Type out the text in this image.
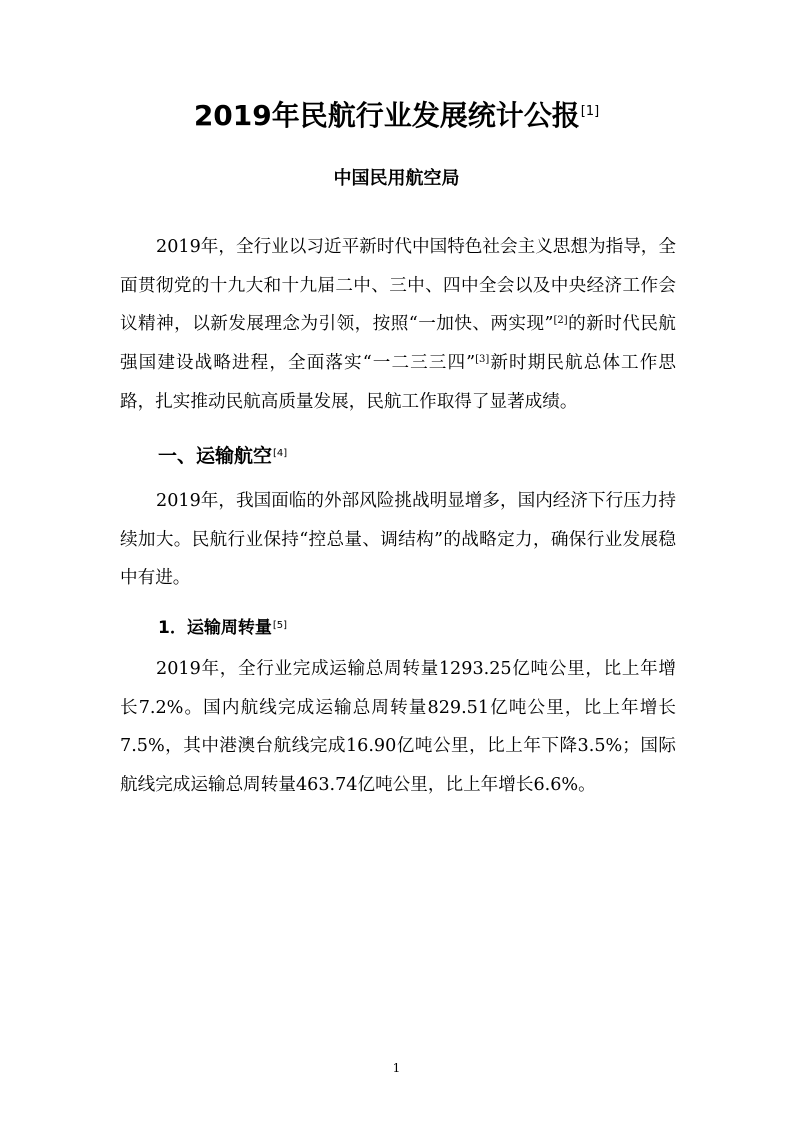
2019年民航行业发展统计公报[1]
中国民用航空局

2019年，全行业以习近平新时代中国特色社会主义思想为指导，全面贯彻党的十九大和十九届二中、三中、四中全会以及中央经济工作会议精神，以新发展理念为引领，按照“一加快、两实现”[2]的新时代民航强国建设战略进程，全面落实“一二三三四”[3]新时期民航总体工作思路，扎实推动民航高质量发展，民航工作取得了显著成绩。

一、运输航空[4]

2019年，我国面临的外部风险挑战明显增多，国内经济下行压力持续加大。民航行业保持“控总量、调结构”的战略定力，确保行业发展稳中有进。

1．运输周转量[5]

2019年，全行业完成运输总周转量1293.25亿吨公里，比上年增长7.2%。国内航线完成运输总周转量829.51亿吨公里，比上年增长7.5%，其中港澳台航线完成16.90亿吨公里，比上年下降3.5%；国际航线完成运输总周转量463.74亿吨公里，比上年增长6.6%。

1
